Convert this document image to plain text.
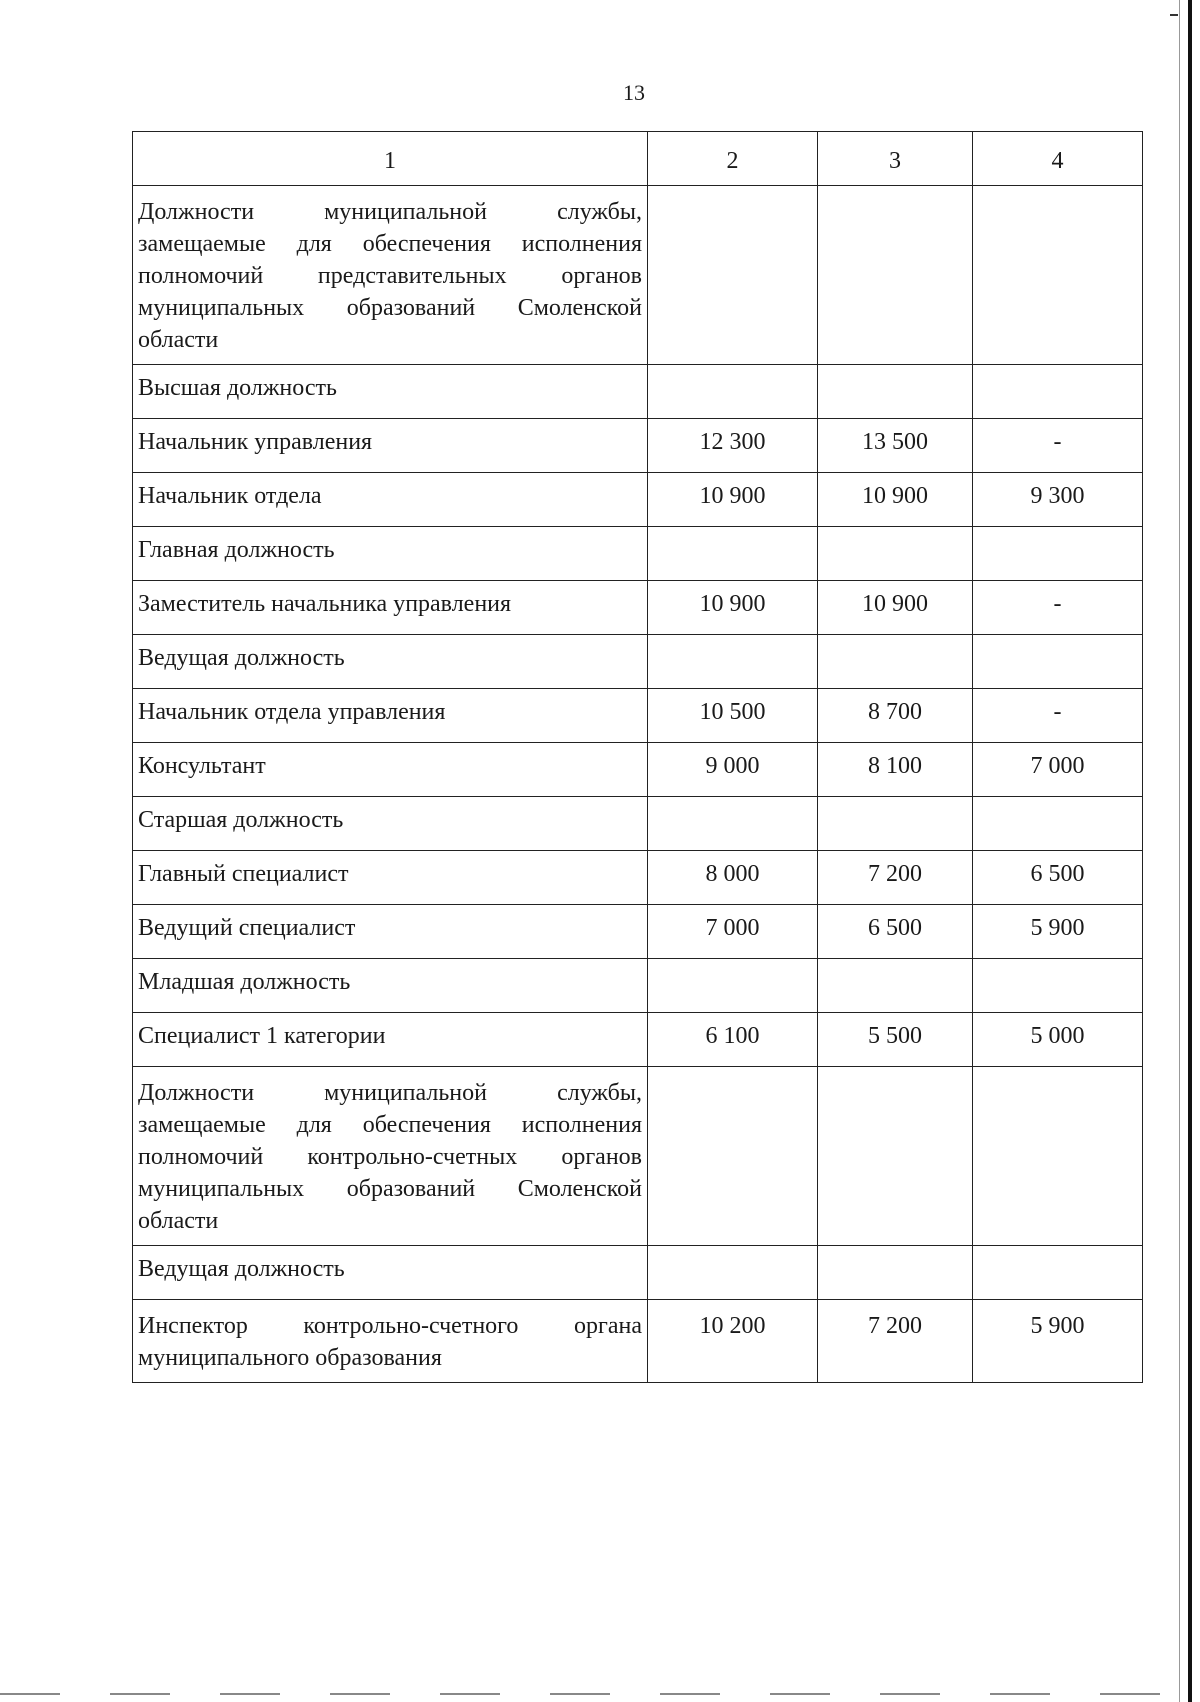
13
1	2	3	4
Должности муниципальной службы, замещаемые для обеспечения исполнения полномочий представительных органов муниципальных образований Смоленской области			
Высшая должность			
Начальник управления	12 300	13 500	-
Начальник отдела	10 900	10 900	9 300
Главная должность			
Заместитель начальника управления	10 900	10 900	-
Ведущая должность			
Начальник отдела управления	10 500	8 700	-
Консультант	9 000	8 100	7 000
Старшая должность			
Главный специалист	8 000	7 200	6 500
Ведущий специалист	7 000	6 500	5 900
Младшая должность			
Специалист 1 категории	6 100	5 500	5 000
Должности муниципальной службы, замещаемые для обеспечения исполнения полномочий контрольно-счетных органов муниципальных образований Смоленской области			
Ведущая должность			
Инспектор контрольно-счетного органа муниципального образования	10 200	7 200	5 900
